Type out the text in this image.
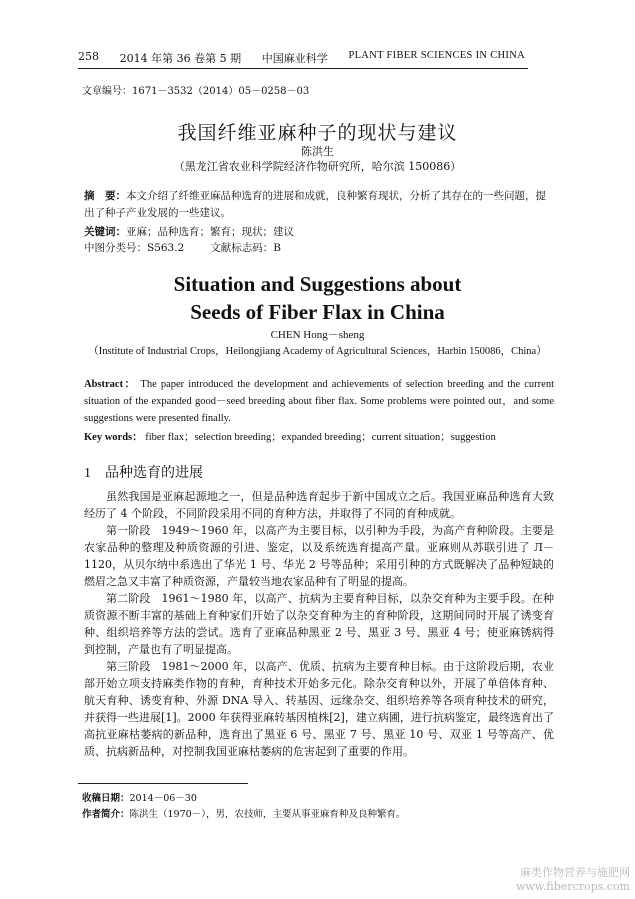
258 2014 年第 36 卷第 5 期 中国麻业科学 PLANT FIBER SCIENCES IN CHINA
文章编号：1671－3532（2014）05－0258－03
我国纤维亚麻种子的现状与建议
陈洪生
（黑龙江省农业科学院经济作物研究所，哈尔滨 150086）
摘　要：本文介绍了纤维亚麻品种选育的进展和成就，良种繁育现状，分析了其存在的一些问题，提出了种子产业发展的一些建议。
关键词：亚麻；品种选育；繁育；现状；建议
中图分类号：S563.2 文献标志码：B
Situation and Suggestions about
Seeds of Fiber Flax in China
CHEN Hong－sheng
（Institute of Industrial Crops，Heilongjiang Academy of Agricultural Sciences，Harbin 150086，China）
Abstract： The paper introduced the development and achievements of selection breeding and the current situation of the expanded good－seed breeding about fiber flax. Some problems were pointed out，and some suggestions were presented finally.
Key words： fiber flax；selection breeding；expanded breeding；current situation；suggestion
1 品种选育的进展
虽然我国是亚麻起源地之一，但是品种选育起步于新中国成立之后。我国亚麻品种选育大致经历了 4 个阶段，不同阶段采用不同的育种方法，并取得了不同的育种成就。
第一阶段　1949～1960 年，以高产为主要目标，以引种为手段，为高产育种阶段。主要是农家品种的整理及种质资源的引进、鉴定，以及系统选育提高产量。亚麻则从苏联引进了 Л－1120，从贝尔纳中系选出了华光 1 号、华光 2 号等品种；采用引种的方式既解决了品种短缺的燃眉之急又丰富了种质资源，产量较当地农家品种有了明显的提高。
第二阶段　1961～1980 年，以高产、抗病为主要育种目标，以杂交育种为主要手段。在种质资源不断丰富的基础上育种家们开始了以杂交育种为主的育种阶段，这期间同时开展了诱变育种、组织培养等方法的尝试。选育了亚麻品种黑亚 2 号、黑亚 3 号、黑亚 4 号；使亚麻锈病得到控制，产量也有了明显提高。
第三阶段　1981～2000 年，以高产、优质、抗病为主要育种目标。由于这阶段后期，农业部开始立项支持麻类作物的育种，育种技术开始多元化。除杂交育种以外，开展了单倍体育种、航天育种、诱变育种、外源 DNA 导入、转基因、远缘杂交、组织培养等各项育种技术的研究，并获得一些进展[1]。2000 年获得亚麻转基因植株[2]，建立病圃，进行抗病鉴定，最终选育出了高抗亚麻枯萎病的新品种，选育出了黑亚 6 号、黑亚 7 号、黑亚 10 号、双亚 1 号等高产、优质、抗病新品种，对控制我国亚麻枯萎病的危害起到了重要的作用。
收稿日期：2014－06－30
作者简介：陈洪生（1970－），男，农技师，主要从事亚麻育种及良种繁育。
麻类作物营养与施肥网
www.fibercrops.com
